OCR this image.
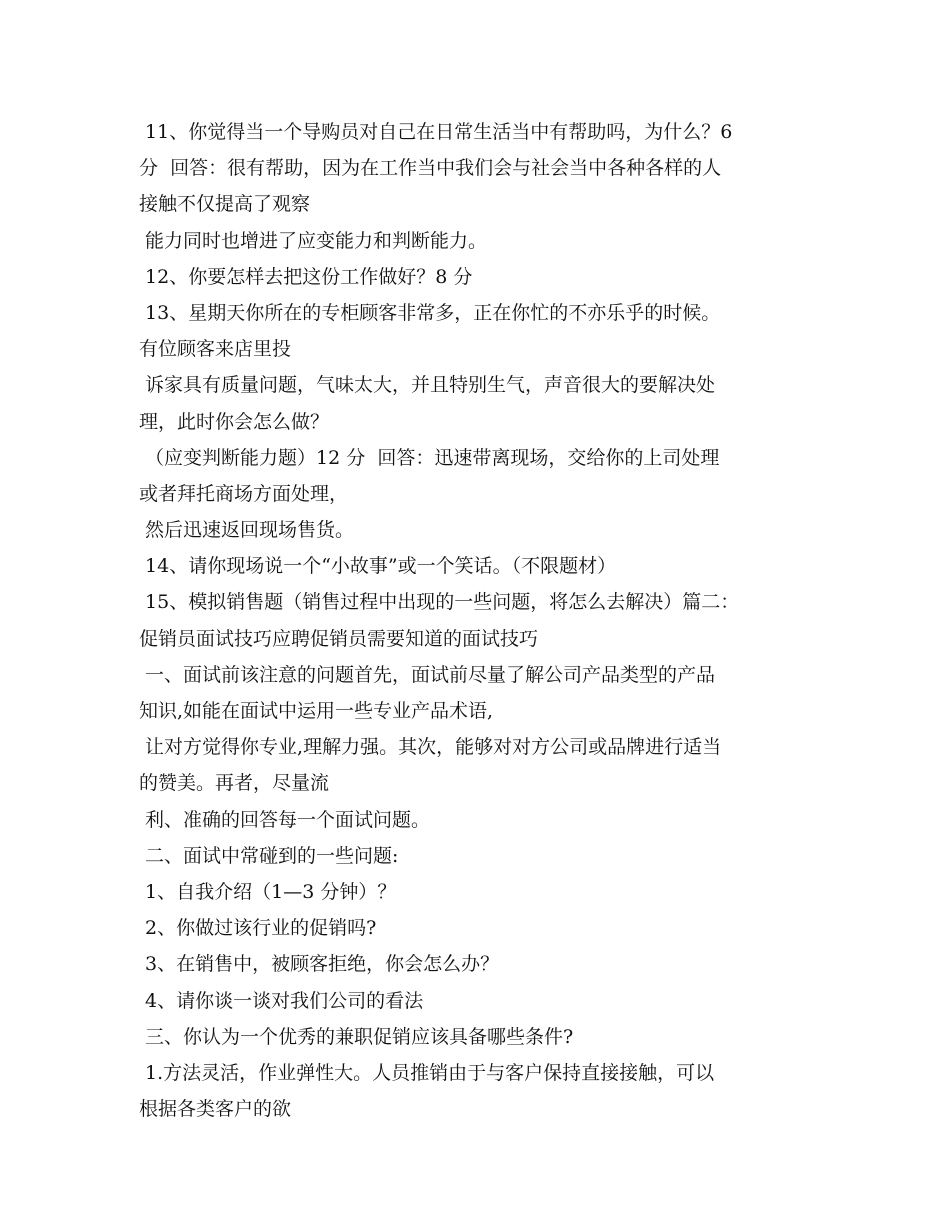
11、你觉得当一个导购员对自己在日常生活当中有帮助吗，为什么？6
分  回答：很有帮助，因为在工作当中我们会与社会当中各种各样的人
接触不仅提高了观察
能力同时也增进了应变能力和判断能力。
12、你要怎样去把这份工作做好？8 分
13、星期天你所在的专柜顾客非常多，正在你忙的不亦乐乎的时候。
有位顾客来店里投
诉家具有质量问题，气味太大，并且特别生气，声音很大的要解决处
理，此时你会怎么做？
（应变判断能力题）12 分  回答：迅速带离现场，交给你的上司处理
或者拜托商场方面处理，
然后迅速返回现场售货。
14、请你现场说一个“小故事”或一个笑话。（不限题材）
15、模拟销售题（销售过程中出现的一些问题，将怎么去解决）篇二：
促销员面试技巧应聘促销员需要知道的面试技巧
一、面试前该注意的问题首先，面试前尽量了解公司产品类型的产品
知识,如能在面试中运用一些专业产品术语,
让对方觉得你专业,理解力强。其次，能够对对方公司或品牌进行适当
的赞美。再者，尽量流
利、准确的回答每一个面试问题。
二、面试中常碰到的一些问题:
1、自我介绍（1—3 分钟）？
2、你做过该行业的促销吗?
3、在销售中，被顾客拒绝，你会怎么办？
4、请你谈一谈对我们公司的看法
三、你认为一个优秀的兼职促销应该具备哪些条件?
1.方法灵活，作业弹性大。人员推销由于与客户保持直接接触，可以
根据各类客户的欲
